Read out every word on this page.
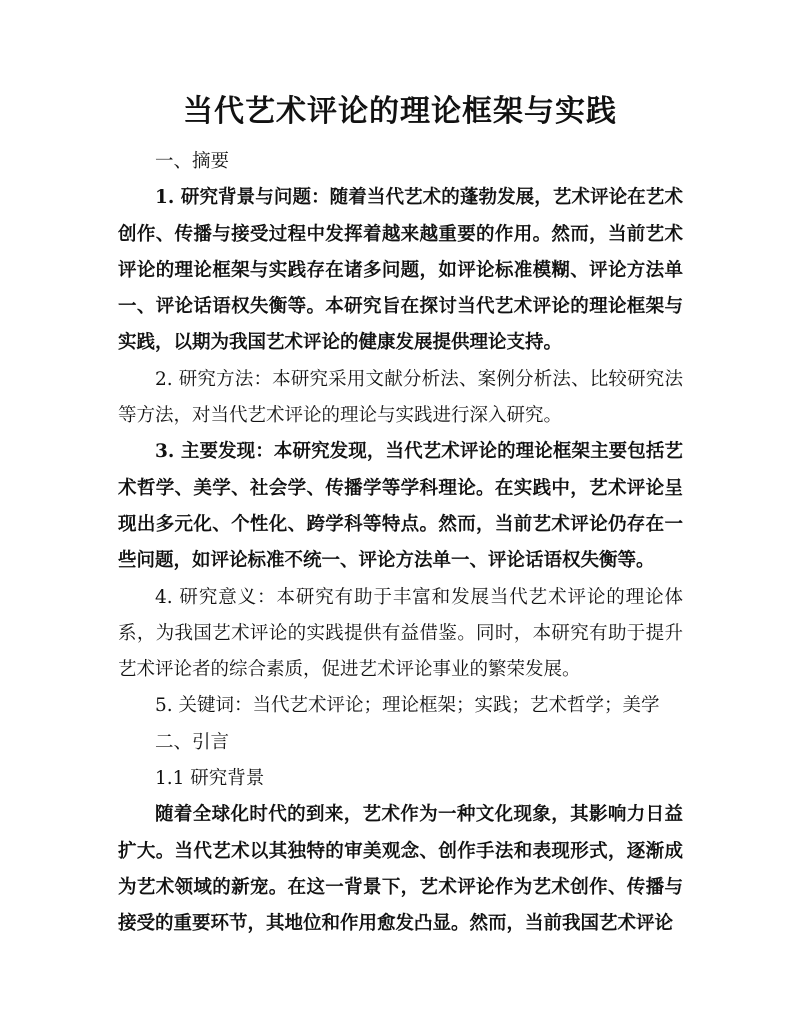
当代艺术评论的理论框架与实践

一、摘要

1. 研究背景与问题：随着当代艺术的蓬勃发展，艺术评论在艺术创作、传播与接受过程中发挥着越来越重要的作用。然而，当前艺术评论的理论框架与实践存在诸多问题，如评论标准模糊、评论方法单一、评论话语权失衡等。本研究旨在探讨当代艺术评论的理论框架与实践，以期为我国艺术评论的健康发展提供理论支持。

2. 研究方法：本研究采用文献分析法、案例分析法、比较研究法等方法，对当代艺术评论的理论与实践进行深入研究。

3. 主要发现：本研究发现，当代艺术评论的理论框架主要包括艺术哲学、美学、社会学、传播学等学科理论。在实践中，艺术评论呈现出多元化、个性化、跨学科等特点。然而，当前艺术评论仍存在一些问题，如评论标准不统一、评论方法单一、评论话语权失衡等。

4. 研究意义：本研究有助于丰富和发展当代艺术评论的理论体系，为我国艺术评论的实践提供有益借鉴。同时，本研究有助于提升艺术评论者的综合素质，促进艺术评论事业的繁荣发展。

5. 关键词：当代艺术评论；理论框架；实践；艺术哲学；美学

二、引言

1.1 研究背景

随着全球化时代的到来，艺术作为一种文化现象，其影响力日益扩大。当代艺术以其独特的审美观念、创作手法和表现形式，逐渐成为艺术领域的新宠。在这一背景下，艺术评论作为艺术创作、传播与接受的重要环节，其地位和作用愈发凸显。然而，当前我国艺术评论
